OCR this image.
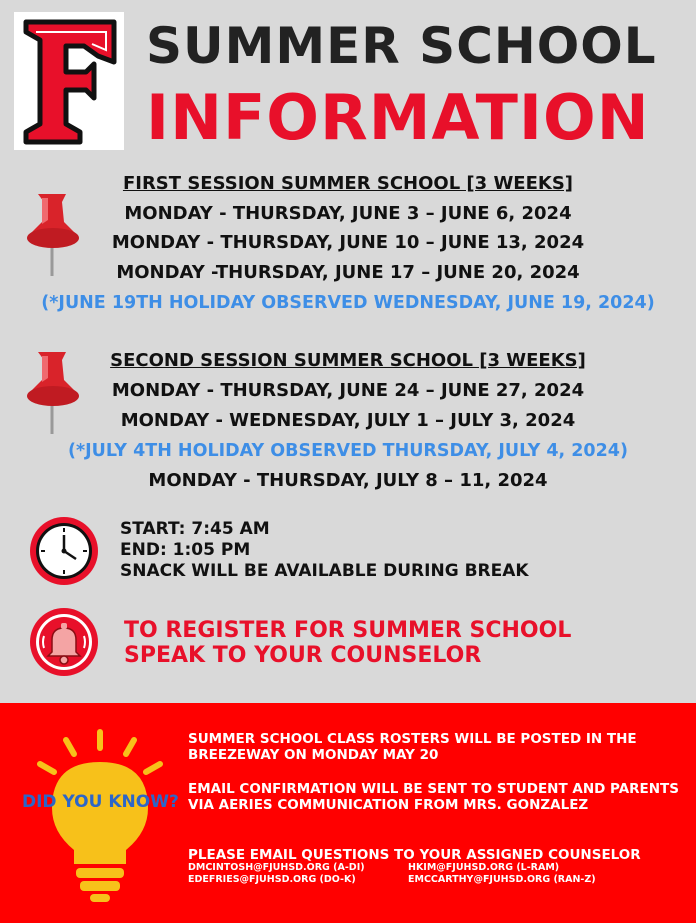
SUMMER SCHOOL
INFORMATION
FIRST SESSION SUMMER SCHOOL [3 WEEKS]
MONDAY - THURSDAY, JUNE 3 – JUNE 6, 2024
MONDAY - THURSDAY, JUNE 10 – JUNE 13, 2024
MONDAY -THURSDAY, JUNE 17 – JUNE 20, 2024
(*JUNE 19TH HOLIDAY OBSERVED WEDNESDAY, JUNE 19, 2024)
SECOND SESSION SUMMER SCHOOL [3 WEEKS]
MONDAY - THURSDAY, JUNE 24 – JUNE 27, 2024
MONDAY - WEDNESDAY, JULY 1 – JULY 3, 2024
(*JULY 4TH HOLIDAY OBSERVED THURSDAY, JULY 4, 2024)
MONDAY - THURSDAY, JULY 8 – 11, 2024
START: 7:45 AM
END: 1:05 PM
SNACK WILL BE AVAILABLE DURING BREAK
TO REGISTER FOR SUMMER SCHOOL
SPEAK TO YOUR COUNSELOR
DID YOU KNOW?
SUMMER SCHOOL CLASS ROSTERS WILL BE POSTED IN THE BREEZEWAY ON MONDAY MAY 20
EMAIL CONFIRMATION WILL BE SENT TO STUDENT AND PARENTS VIA AERIES COMMUNICATION FROM MRS. GONZALEZ
PLEASE EMAIL QUESTIONS TO YOUR ASSIGNED COUNSELOR
DMCINTOSH@FJUHSD.ORG (A-DI)	HKIM@FJUHSD.ORG (L-RAM)
EDEFRIES@FJUHSD.ORG (DO-K)	EMCCARTHY@FJUHSD.ORG (RAN-Z)
